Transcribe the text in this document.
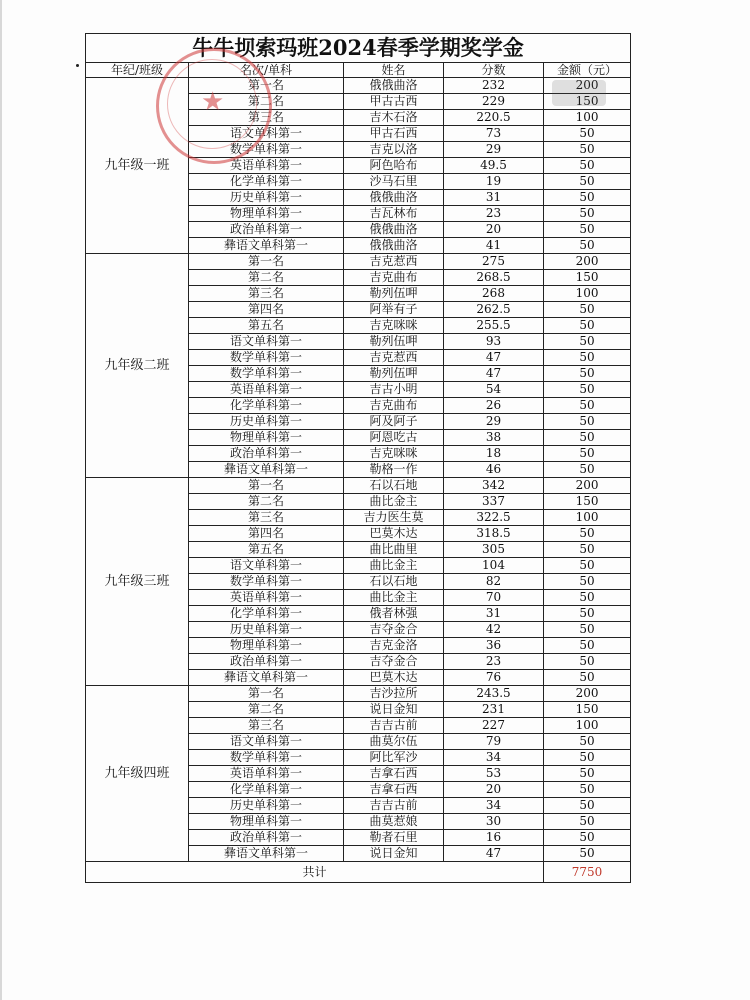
牛牛坝索玛班2024春季学期奖学金				
年纪/班级	名次/单科	姓名	分数	金额（元）
九年级一班	第一名	俄俄曲洛	232	200
	第二名	甲古古西	229	150
	第三名	吉木石洛	220.5	100
	语文单科第一	甲古石西	73	50
	数学单科第一	吉克以洛	29	50
	英语单科第一	阿色哈布	49.5	50
	化学单科第一	沙马石里	19	50
	历史单科第一	俄俄曲洛	31	50
	物理单科第一	吉瓦林布	23	50
	政治单科第一	俄俄曲洛	20	50
	彝语文单科第一	俄俄曲洛	41	50
九年级二班	第一名	吉克惹西	275	200
	第二名	吉克曲布	268.5	150
	第三名	勒列伍呷	268	100
	第四名	阿举有子	262.5	50
	第五名	吉克咪咪	255.5	50
	语文单科第一	勒列伍呷	93	50
	数学单科第一	吉克惹西	47	50
	数学单科第一	勒列伍呷	47	50
	英语单科第一	吉古小明	54	50
	化学单科第一	吉克曲布	26	50
	历史单科第一	阿及阿子	29	50
	物理单科第一	阿恩吃古	38	50
	政治单科第一	吉克咪咪	18	50
	彝语文单科第一	勒格一作	46	50
九年级三班	第一名	石以石地	342	200
	第二名	曲比金主	337	150
	第三名	吉力医生莫	322.5	100
	第四名	巴莫木达	318.5	50
	第五名	曲比曲里	305	50
	语文单科第一	曲比金主	104	50
	数学单科第一	石以石地	82	50
	英语单科第一	曲比金主	70	50
	化学单科第一	俄者林强	31	50
	历史单科第一	吉夺金合	42	50
	物理单科第一	吉克金洛	36	50
	政治单科第一	吉夺金合	23	50
	彝语文单科第一	巴莫木达	76	50
九年级四班	第一名	吉沙拉所	243.5	200
	第二名	说日金知	231	150
	第三名	吉吉古前	227	100
	语文单科第一	曲莫尔伍	79	50
	数学单科第一	阿比军沙	34	50
	英语单科第一	吉拿石西	53	50
	化学单科第一	吉拿石西	20	50
	历史单科第一	吉吉古前	34	50
	物理单科第一	曲莫惹娘	30	50
	政治单科第一	勒者石里	16	50
	彝语文单科第一	说日金知	47	50
共计				7750
★
